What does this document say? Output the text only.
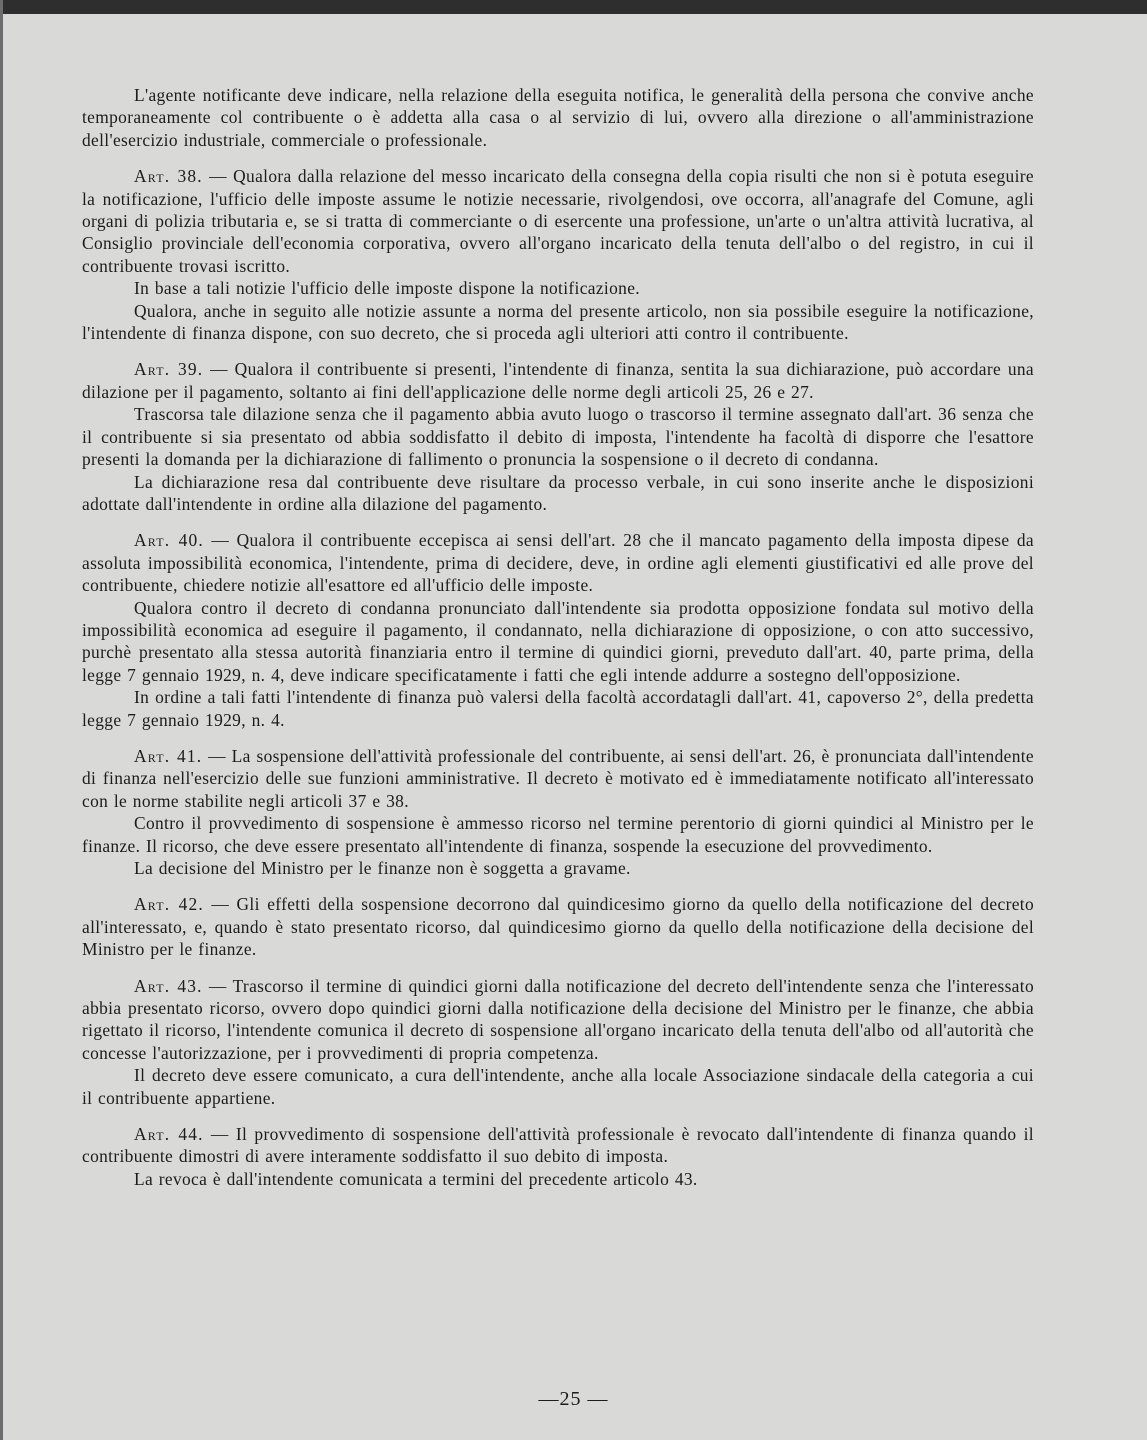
L'agente notificante deve indicare, nella relazione della eseguita notifica, le generalità della persona che convive anche temporaneamente col contribuente o è addetta alla casa o al servizio di lui, ovvero alla direzione o all'amministrazione dell'esercizio industriale, commerciale o professionale.

Art. 38. — Qualora dalla relazione del messo incaricato della consegna della copia risulti che non si è potuta eseguire la notificazione, l'ufficio delle imposte assume le notizie necessarie, rivolgendosi, ove occorra, all'anagrafe del Comune, agli organi di polizia tributaria e, se si tratta di commerciante o di esercente una professione, un'arte o un'altra attività lucrativa, al Consiglio provinciale dell'economia corporativa, ovvero all'organo incaricato della tenuta dell'albo o del registro, in cui il contribuente trovasi iscritto.

In base a tali notizie l'ufficio delle imposte dispone la notificazione.

Qualora, anche in seguito alle notizie assunte a norma del presente articolo, non sia possibile eseguire la notificazione, l'intendente di finanza dispone, con suo decreto, che si proceda agli ulteriori atti contro il contribuente.

Art. 39. — Qualora il contribuente si presenti, l'intendente di finanza, sentita la sua dichiarazione, può accordare una dilazione per il pagamento, soltanto ai fini dell'applicazione delle norme degli articoli 25, 26 e 27.

Trascorsa tale dilazione senza che il pagamento abbia avuto luogo o trascorso il termine assegnato dall'art. 36 senza che il contribuente si sia presentato od abbia soddisfatto il debito di imposta, l'intendente ha facoltà di disporre che l'esattore presenti la domanda per la dichiarazione di fallimento o pronuncia la sospensione o il decreto di condanna.

La dichiarazione resa dal contribuente deve risultare da processo verbale, in cui sono inserite anche le disposizioni adottate dall'intendente in ordine alla dilazione del pagamento.

Art. 40. — Qualora il contribuente eccepisca ai sensi dell'art. 28 che il mancato pagamento della imposta dipese da assoluta impossibilità economica, l'intendente, prima di decidere, deve, in ordine agli elementi giustificativi ed alle prove del contribuente, chiedere notizie all'esattore ed all'ufficio delle imposte.

Qualora contro il decreto di condanna pronunciato dall'intendente sia prodotta opposizione fondata sul motivo della impossibilità economica ad eseguire il pagamento, il condannato, nella dichiarazione di opposizione, o con atto successivo, purchè presentato alla stessa autorità finanziaria entro il termine di quindici giorni, preveduto dall'art. 40, parte prima, della legge 7 gennaio 1929, n. 4, deve indicare specificatamente i fatti che egli intende addurre a sostegno dell'opposizione.

In ordine a tali fatti l'intendente di finanza può valersi della facoltà accordatagli dall'art. 41, capoverso 2°, della predetta legge 7 gennaio 1929, n. 4.

Art. 41. — La sospensione dell'attività professionale del contribuente, ai sensi dell'art. 26, è pronunciata dall'intendente di finanza nell'esercizio delle sue funzioni amministrative. Il decreto è motivato ed è immediatamente notificato all'interessato con le norme stabilite negli articoli 37 e 38.

Contro il provvedimento di sospensione è ammesso ricorso nel termine perentorio di giorni quindici al Ministro per le finanze. Il ricorso, che deve essere presentato all'intendente di finanza, sospende la esecuzione del provvedimento.

La decisione del Ministro per le finanze non è soggetta a gravame.

Art. 42. — Gli effetti della sospensione decorrono dal quindicesimo giorno da quello della notificazione del decreto all'interessato, e, quando è stato presentato ricorso, dal quindicesimo giorno da quello della notificazione della decisione del Ministro per le finanze.

Art. 43. — Trascorso il termine di quindici giorni dalla notificazione del decreto dell'intendente senza che l'interessato abbia presentato ricorso, ovvero dopo quindici giorni dalla notificazione della decisione del Ministro per le finanze, che abbia rigettato il ricorso, l'intendente comunica il decreto di sospensione all'organo incaricato della tenuta dell'albo od all'autorità che concesse l'autorizzazione, per i provvedimenti di propria competenza.

Il decreto deve essere comunicato, a cura dell'intendente, anche alla locale Associazione sindacale della categoria a cui il contribuente appartiene.

Art. 44. — Il provvedimento di sospensione dell'attività professionale è revocato dall'intendente di finanza quando il contribuente dimostri di avere interamente soddisfatto il suo debito di imposta.

La revoca è dall'intendente comunicata a termini del precedente articolo 43.

—25 —
